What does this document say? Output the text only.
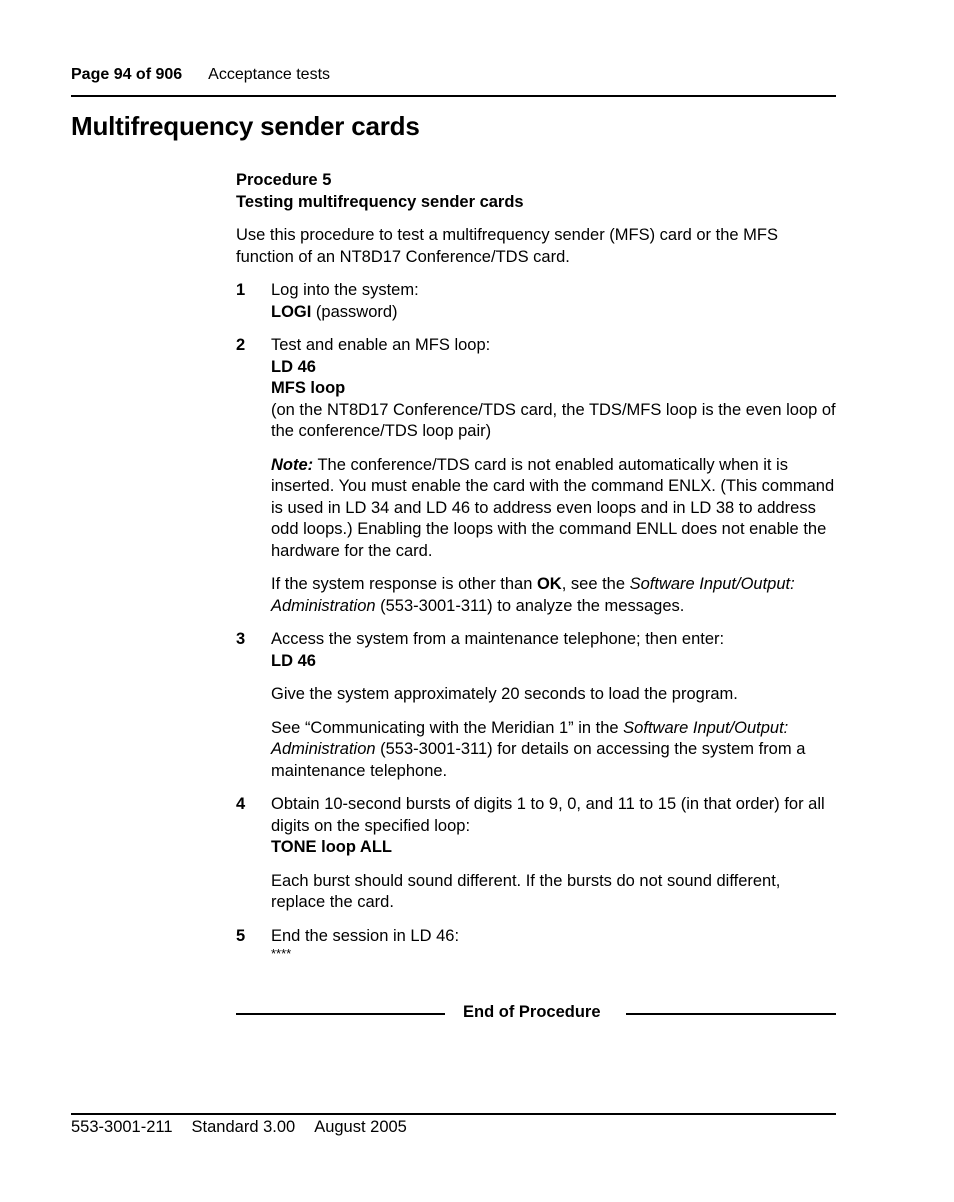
Page 94 of 906 Acceptance tests
Multifrequency sender cards
Procedure 5
Testing multifrequency sender cards

Use this procedure to test a multifrequency sender (MFS) card or the MFS function of an NT8D17 Conference/TDS card.

1 Log into the system:
LOGI (password)
2 Test and enable an MFS loop:
LD 46
MFS loop
(on the NT8D17 Conference/TDS card, the TDS/MFS loop is the even loop of the conference/TDS loop pair)

Note: The conference/TDS card is not enabled automatically when it is inserted. You must enable the card with the command ENLX. (This command is used in LD 34 and LD 46 to address even loops and in LD 38 to address odd loops.) Enabling the loops with the command ENLL does not enable the hardware for the card.

If the system response is other than OK, see the Software Input/Output: Administration (553-3001-311) to analyze the messages.

3 Access the system from a maintenance telephone; then enter:
LD 46

Give the system approximately 20 seconds to load the program.

See “Communicating with the Meridian 1” in the Software Input/Output: Administration (553-3001-311) for details on accessing the system from a maintenance telephone.

4 Obtain 10-second bursts of digits 1 to 9, 0, and 11 to 15 (in that order) for all digits on the specified loop:
TONE loop ALL

Each burst should sound different. If the bursts do not sound different, replace the card.

5 End the session in LD 46:
****
End of Procedure
553-3001-211 Standard 3.00 August 2005
